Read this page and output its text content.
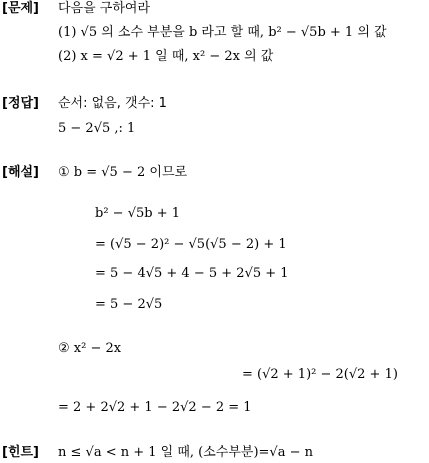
[문제] 다음을 구하여라
(1) √5 의 소수 부분을 b 라고 할 때, b² − √5b + 1 의 값
(2) x = √2 + 1 일 때, x² − 2x 의 값
[정답] 순서: 없음, 갯수: 1
5 − 2√5 ,: 1
[해설] ① b = √5 − 2 이므로
b² − √5b + 1
= (√5 − 2)² − √5(√5 − 2) + 1
= 5 − 4√5 + 4 − 5 + 2√5 + 1
= 5 − 2√5
② x² − 2x
= (√2 + 1)² − 2(√2 + 1)
= 2 + 2√2 + 1 − 2√2 − 2 = 1
[힌트] n ≤ √a < n + 1 일 때, (소수부분)=√a − n
